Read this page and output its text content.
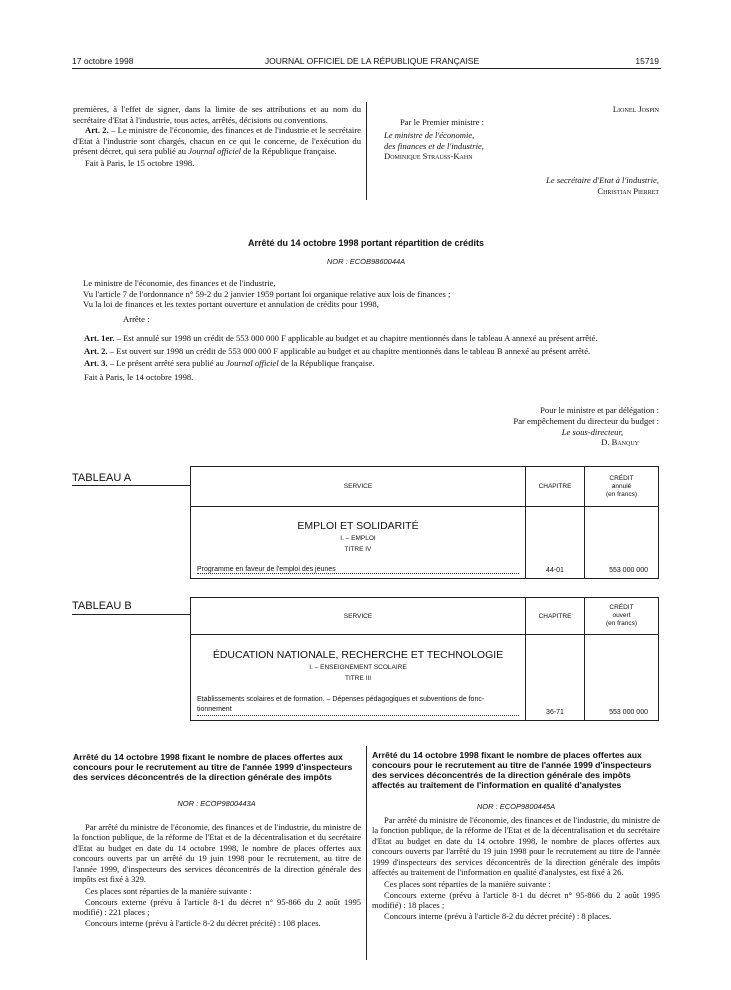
17 octobre 1998	JOURNAL OFFICIEL DE LA RÉPUBLIQUE FRANÇAISE	15719

premières, à l'effet de signer, dans la limite de ses attributions et au nom du secrétaire d'Etat à l'industrie, tous actes, arrêtés, décisions ou conventions.

Art. 2. – Le ministre de l'économie, des finances et de l'industrie et le secrétaire d'Etat à l'industrie sont chargés, chacun en ce qui le concerne, de l'exécution du présent décret, qui sera publié au Journal officiel de la République française.

Fait à Paris, le 15 octobre 1998.

Lionel Jospin
Par le Premier ministre :

Le ministre de l'économie,

des finances et de l'industrie,

Dominique Strauss-Kahn

Le secrétaire d'Etat à l'industrie,

Christian Pierret

Arrêté du 14 octobre 1998 portant répartition de crédits
NOR : ECOB9860044A

Le ministre de l'économie, des finances et de l'industrie,

Vu l'article 7 de l'ordonnance n° 59-2 du 2 janvier 1959 portant loi organique relative aux lois de finances ;

Vu la loi de finances et les textes portant ouverture et annulation de crédits pour 1998,

Arrête :

Art. 1er. – Est annulé sur 1998 un crédit de 553 000 000 F applicable au budget et au chapitre mentionnés dans le tableau A annexé au présent arrêté.

Art. 2. – Est ouvert sur 1998 un crédit de 553 000 000 F applicable au budget et au chapitre mentionnés dans le tableau B annexé au présent arrêté.

Art. 3. – Le présent arrêté sera publié au Journal officiel de la République française.

Fait à Paris, le 14 octobre 1998.

Pour le ministre et par délégation :

Par empêchement du directeur du budget :

Le sous-directeur,

D. Banquy

TABLEAU A
SERVICE	CHAPITRE	CRÉDIT
annulé
(en francs)

EMPLOI ET SOLIDARITÉ
I. – EMPLOI
TITRE IV
Programme en faveur de l'emploi des jeunes	44-01	553 000 000
TABLEAU B
SERVICE	CHAPITRE	CRÉDIT
ouvert
(en francs)

ÉDUCATION NATIONALE, RECHERCHE ET TECHNOLOGIE
I. – ENSEIGNEMENT SCOLAIRE
TITRE III
Etablissements scolaires et de formation. – Dépenses pédagogiques et subventions de fonc-
tionnement	36-71	553 000 000
Arrêté du 14 octobre 1998 fixant le nombre de places offertes aux concours pour le recrutement au titre de l'année 1999 d'inspecteurs des services déconcentrés de la direction générale des impôts
NOR : ECOP9800443A

Par arrêté du ministre de l'économie, des finances et de l'industrie, du ministre de la fonction publique, de la réforme de l'Etat et de la décentralisation et du secrétaire d'Etat au budget en date du 14 octobre 1998, le nombre de places offertes aux concours ouverts par un arrêté du 19 juin 1998 pour le recrutement, au titre de l'année 1999, d'inspecteurs des services déconcentrés de la direction générale des impôts est fixé à 329.

Ces places sont réparties de la manière suivante :

Concours externe (prévu à l'article 8-1 du décret n° 95-866 du 2 août 1995 modifié) : 221 places ;

Concours interne (prévu à l'article 8-2 du décret précité) : 108 places.

Arrêté du 14 octobre 1998 fixant le nombre de places offertes aux concours pour le recrutement au titre de l'année 1999 d'inspecteurs des services déconcentrés de la direction générale des impôts affectés au traitement de l'information en qualité d'analystes
NOR : ECOP9800445A

Par arrêté du ministre de l'économie, des finances et de l'industrie, du ministre de la fonction publique, de la réforme de l'Etat et de la décentralisation et du secrétaire d'Etat au budget en date du 14 octobre 1998, le nombre de places offertes aux concours ouverts par l'arrêté du 19 juin 1998 pour le recrutement au titre de l'année 1999 d'inspecteurs des services déconcentrés de la direction générale des impôts affectés au traitement de l'information en qualité d'analystes, est fixé à 26.

Ces places sont réparties de la manière suivante :

Concours externe (prévu à l'article 8-1 du décret n° 95-866 du 2 août 1995 modifié) : 18 places ;

Concours interne (prévu à l'article 8-2 du décret précité) : 8 places.
